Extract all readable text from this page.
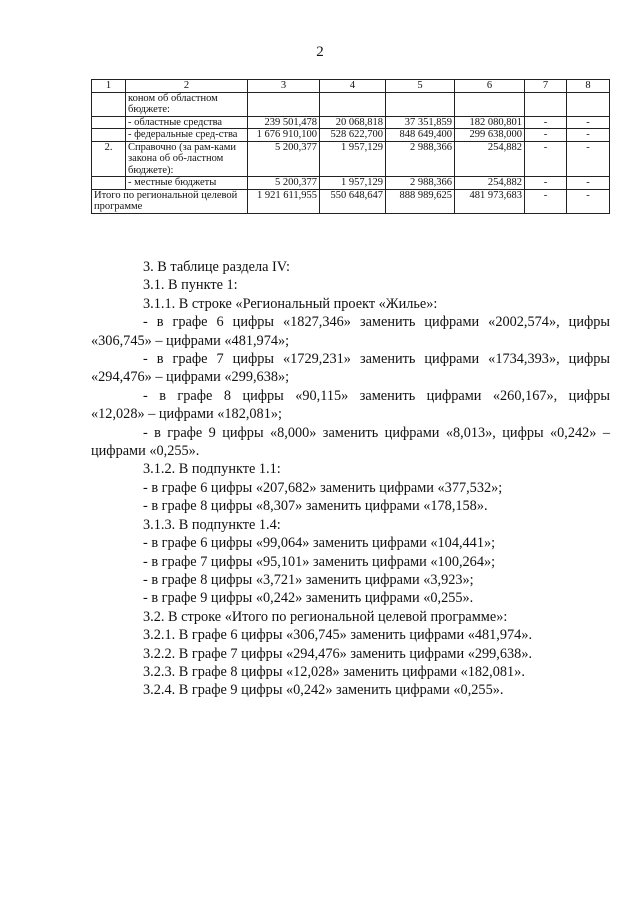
2
1	2	3	4	5	6	7	8
	коном об областном бюджете:						
	- областные средства	239 501,478	20 068,818	37 351,859	182 080,801	-	-
	- федеральные сред-ства	1 676 910,100	528 622,700	848 649,400	299 638,000	-	-
2.	Справочно (за рам-ками закона об об-ластном бюджете):	5 200,377	1 957,129	2 988,366	254,882	-	-
	- местные бюджеты	5 200,377	1 957,129	2 988,366	254,882	-	-
Итого по региональной целевой программе		1 921 611,955	550 648,647	888 989,625	481 973,683	-	-

3. В таблице раздела IV:

3.1. В пункте 1:

3.1.1. В строке «Региональный проект «Жилье»:

- в графе 6 цифры «1827,346» заменить цифрами «2002,574», цифры

«306,745» – цифрами «481,974»;

- в графе 7 цифры «1729,231» заменить цифрами «1734,393», цифры

«294,476» – цифрами «299,638»;

- в графе 8 цифры «90,115» заменить цифрами «260,167», цифры

«12,028» – цифрами «182,081»;

- в графе 9 цифры «8,000» заменить цифрами «8,013», цифры «0,242» –

цифрами «0,255».

3.1.2. В подпункте 1.1:

- в графе 6 цифры «207,682» заменить цифрами «377,532»;

- в графе 8 цифры «8,307» заменить цифрами «178,158».

3.1.3. В подпункте 1.4:

- в графе 6 цифры «99,064» заменить цифрами «104,441»;

- в графе 7 цифры «95,101» заменить цифрами «100,264»;

- в графе 8 цифры «3,721» заменить цифрами «3,923»;

- в графе 9 цифры «0,242» заменить цифрами «0,255».

3.2. В строке «Итого по региональной целевой программе»:

3.2.1. В графе 6 цифры «306,745» заменить цифрами «481,974».

3.2.2. В графе 7 цифры «294,476» заменить цифрами «299,638».

3.2.3. В графе 8 цифры «12,028» заменить цифрами «182,081».

3.2.4. В графе 9 цифры «0,242» заменить цифрами «0,255».
